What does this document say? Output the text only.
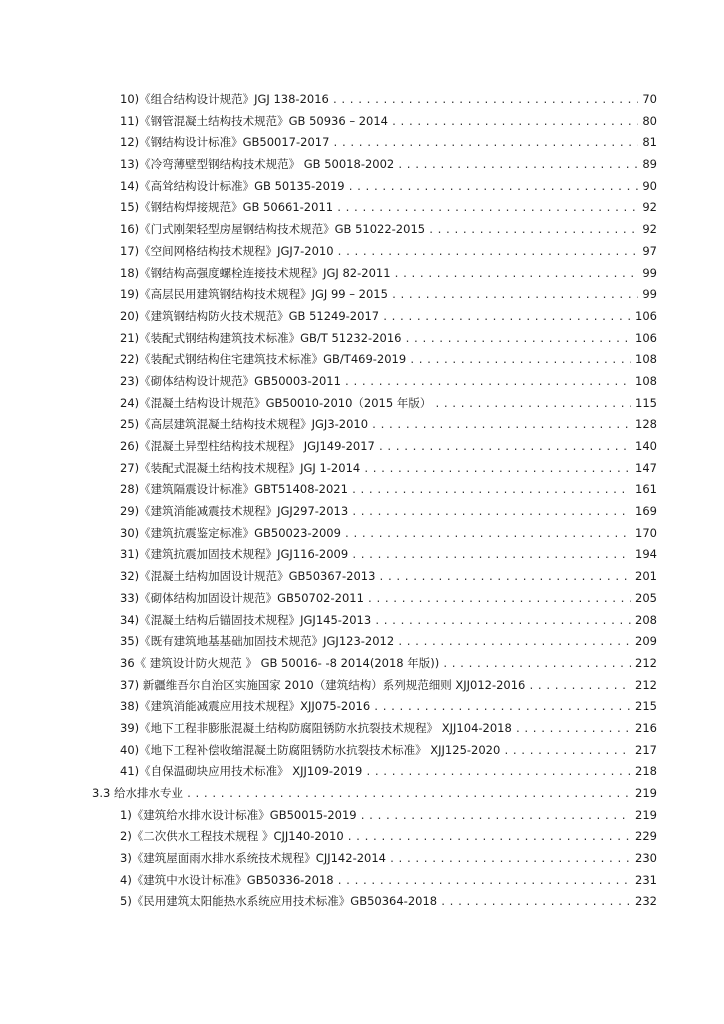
10)《组合结构设计规范》JGJ 138-2016 .....	70
11)《钢管混凝土结构技术规范》GB 50936 – 2014 .....	80
12)《钢结构设计标准》GB50017-2017 .....	81
13)《冷弯薄壁型钢结构技术规范》 GB 50018-2002 .....	89
14)《高耸结构设计标准》GB 50135-2019 .....	90
15)《钢结构焊接规范》GB 50661-2011 .....	92
16)《门式刚架轻型房屋钢结构技术规范》GB 51022-2015 .....	92
17)《空间网格结构技术规程》JGJ7-2010 .....	97
18)《钢结构高强度螺栓连接技术规程》JGJ 82-2011 .....	99
19)《高层民用建筑钢结构技术规程》JGJ 99 – 2015 .....	99
20)《建筑钢结构防火技术规范》GB 51249-2017 .....	106
21)《装配式钢结构建筑技术标准》GB/T 51232-2016 .....	106
22)《装配式钢结构住宅建筑技术标准》GB/T469-2019 .....	108
23)《砌体结构设计规范》GB50003-2011 .....	108
24)《混凝土结构设计规范》GB50010-2010（2015 年版） .....	115
25)《高层建筑混凝土结构技术规程》JGJ3-2010 .....	128
26)《混凝土异型柱结构技术规程》 JGJ149-2017 .....	140
27)《装配式混凝土结构技术规程》JGJ 1-2014 .....	147
28)《建筑隔震设计标准》GBT51408-2021 .....	161
29)《建筑消能减震技术规程》JGJ297-2013 .....	169
30)《建筑抗震鉴定标准》GB50023-2009 .....	170
31)《建筑抗震加固技术规程》JGJ116-2009 .....	194
32)《混凝土结构加固设计规范》GB50367-2013 .....	201
33)《砌体结构加固设计规范》GB50702-2011 .....	205
34)《混凝土结构后锚固技术规程》JGJ145-2013 .....	208
35)《既有建筑地基基础加固技术规范》JGJ123-2012 .....	209
36《 建筑设计防火规范 》 GB 50016- -8 2014(2018 年版)) .....	212
37) 新疆维吾尔自治区实施国家 2010（建筑结构）系列规范细则 XJJ012-2016 .....	212
38)《建筑消能减震应用技术规程》XJJ075-2016 .....	215
39)《地下工程非膨胀混凝土结构防腐阻锈防水抗裂技术规程》 XJJ104-2018 .....	216
40)《地下工程补偿收缩混凝土防腐阻锈防水抗裂技术标准》 XJJ125-2020 .....	217
41)《自保温砌块应用技术标准》 XJJ109-2019 .....	218
3.3 给水排水专业 .....	219
1)《建筑给水排水设计标准》GB50015-2019 .....	219
2)《二次供水工程技术规程 》CJJ140-2010 .....	229
3)《建筑屋面雨水排水系统技术规程》CJJ142-2014 .....	230
4)《建筑中水设计标准》GB50336-2018 .....	231
5)《民用建筑太阳能热水系统应用技术标准》GB50364-2018 .....	232
